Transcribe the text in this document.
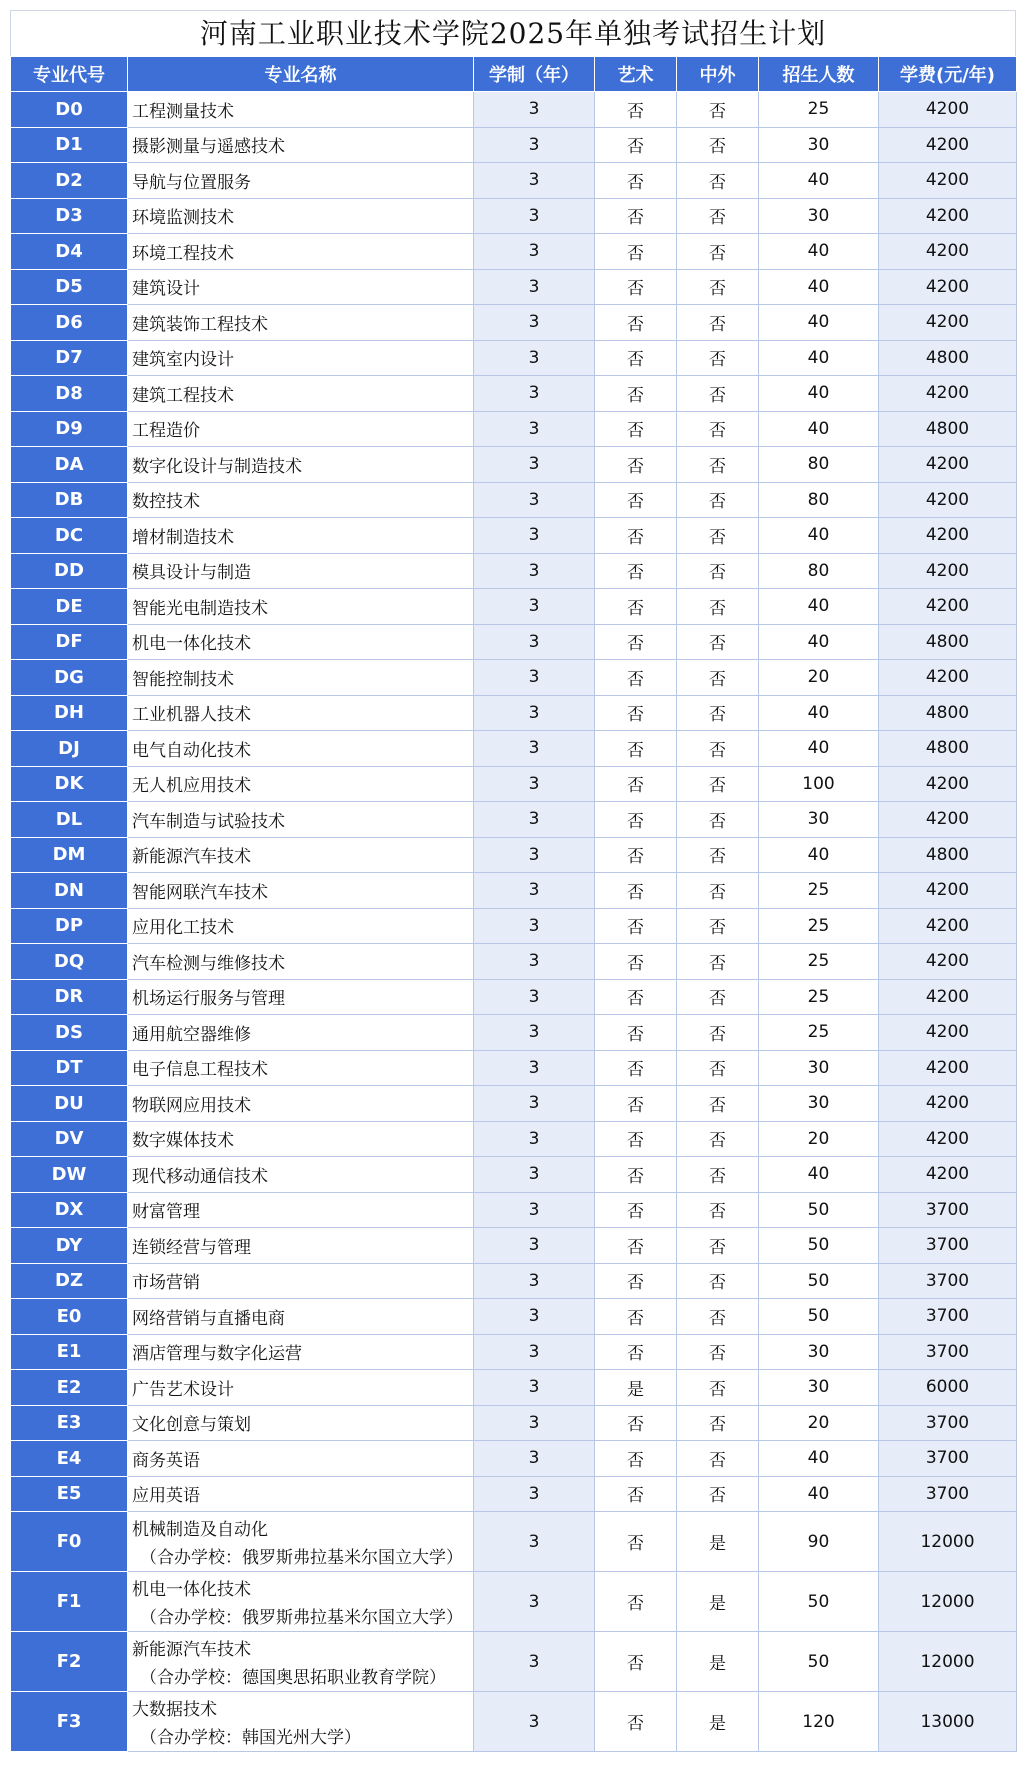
河南工业职业技术学院2025年单独考试招生计划
专业代号	专业名称	学制（年）	艺术	中外	招生人数	学费(元/年)
D0	工程测量技术	3	否	否	25	4200
D1	摄影测量与遥感技术	3	否	否	30	4200
D2	导航与位置服务	3	否	否	40	4200
D3	环境监测技术	3	否	否	30	4200
D4	环境工程技术	3	否	否	40	4200
D5	建筑设计	3	否	否	40	4200
D6	建筑装饰工程技术	3	否	否	40	4200
D7	建筑室内设计	3	否	否	40	4800
D8	建筑工程技术	3	否	否	40	4200
D9	工程造价	3	否	否	40	4800
DA	数字化设计与制造技术	3	否	否	80	4200
DB	数控技术	3	否	否	80	4200
DC	增材制造技术	3	否	否	40	4200
DD	模具设计与制造	3	否	否	80	4200
DE	智能光电制造技术	3	否	否	40	4200
DF	机电一体化技术	3	否	否	40	4800
DG	智能控制技术	3	否	否	20	4200
DH	工业机器人技术	3	否	否	40	4800
DJ	电气自动化技术	3	否	否	40	4800
DK	无人机应用技术	3	否	否	100	4200
DL	汽车制造与试验技术	3	否	否	30	4200
DM	新能源汽车技术	3	否	否	40	4800
DN	智能网联汽车技术	3	否	否	25	4200
DP	应用化工技术	3	否	否	25	4200
DQ	汽车检测与维修技术	3	否	否	25	4200
DR	机场运行服务与管理	3	否	否	25	4200
DS	通用航空器维修	3	否	否	25	4200
DT	电子信息工程技术	3	否	否	30	4200
DU	物联网应用技术	3	否	否	30	4200
DV	数字媒体技术	3	否	否	20	4200
DW	现代移动通信技术	3	否	否	40	4200
DX	财富管理	3	否	否	50	3700
DY	连锁经营与管理	3	否	否	50	3700
DZ	市场营销	3	否	否	50	3700
E0	网络营销与直播电商	3	否	否	50	3700
E1	酒店管理与数字化运营	3	否	否	30	3700
E2	广告艺术设计	3	是	否	30	6000
E3	文化创意与策划	3	否	否	20	3700
E4	商务英语	3	否	否	40	3700
E5	应用英语	3	否	否	40	3700
F0	机械制造及自动化
（合办学校：俄罗斯弗拉基米尔国立大学）	3	否	是	90	12000
F1	机电一体化技术
（合办学校：俄罗斯弗拉基米尔国立大学）	3	否	是	50	12000
F2	新能源汽车技术
（合办学校：德国奥思拓职业教育学院）	3	否	是	50	12000
F3	大数据技术
（合办学校：韩国光州大学）	3	否	是	120	13000
